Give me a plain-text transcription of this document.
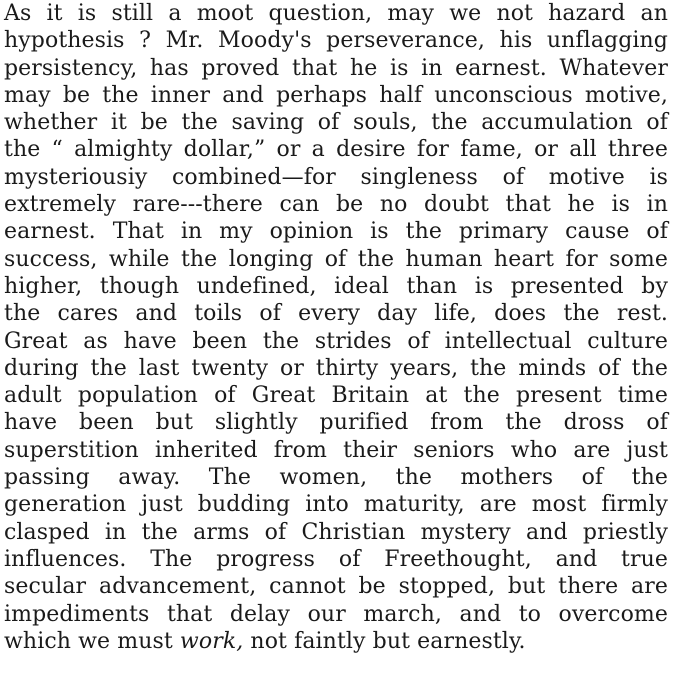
As it is still a moot question, may we not hazard an
hypothesis ? Mr. Moody's perseverance, his unflagging
persistency, has proved that he is in earnest. Whatever
may be the inner and perhaps half unconscious motive,
whether it be the saving of souls, the accumulation of
the “ almighty dollar,” or a desire for fame, or all three
mysteriousiy combined—for singleness of motive is
extremely rare---there can be no doubt that he is in
earnest. That in my opinion is the primary cause of
success, while the longing of the human heart for some
higher, though undefined, ideal than is presented by
the cares and toils of every day life, does the rest.
Great as have been the strides of intellectual culture
during the last twenty or thirty years, the minds of the
adult population of Great Britain at the present time
have been but slightly purified from the dross of
superstition inherited from their seniors who are just
passing away. The women, the mothers of the
generation just budding into maturity, are most firmly
clasped in the arms of Christian mystery and priestly
influences. The progress of Freethought, and true
secular advancement, cannot be stopped, but there are
impediments that delay our march, and to overcome
which we must work, not faintly but earnestly.
